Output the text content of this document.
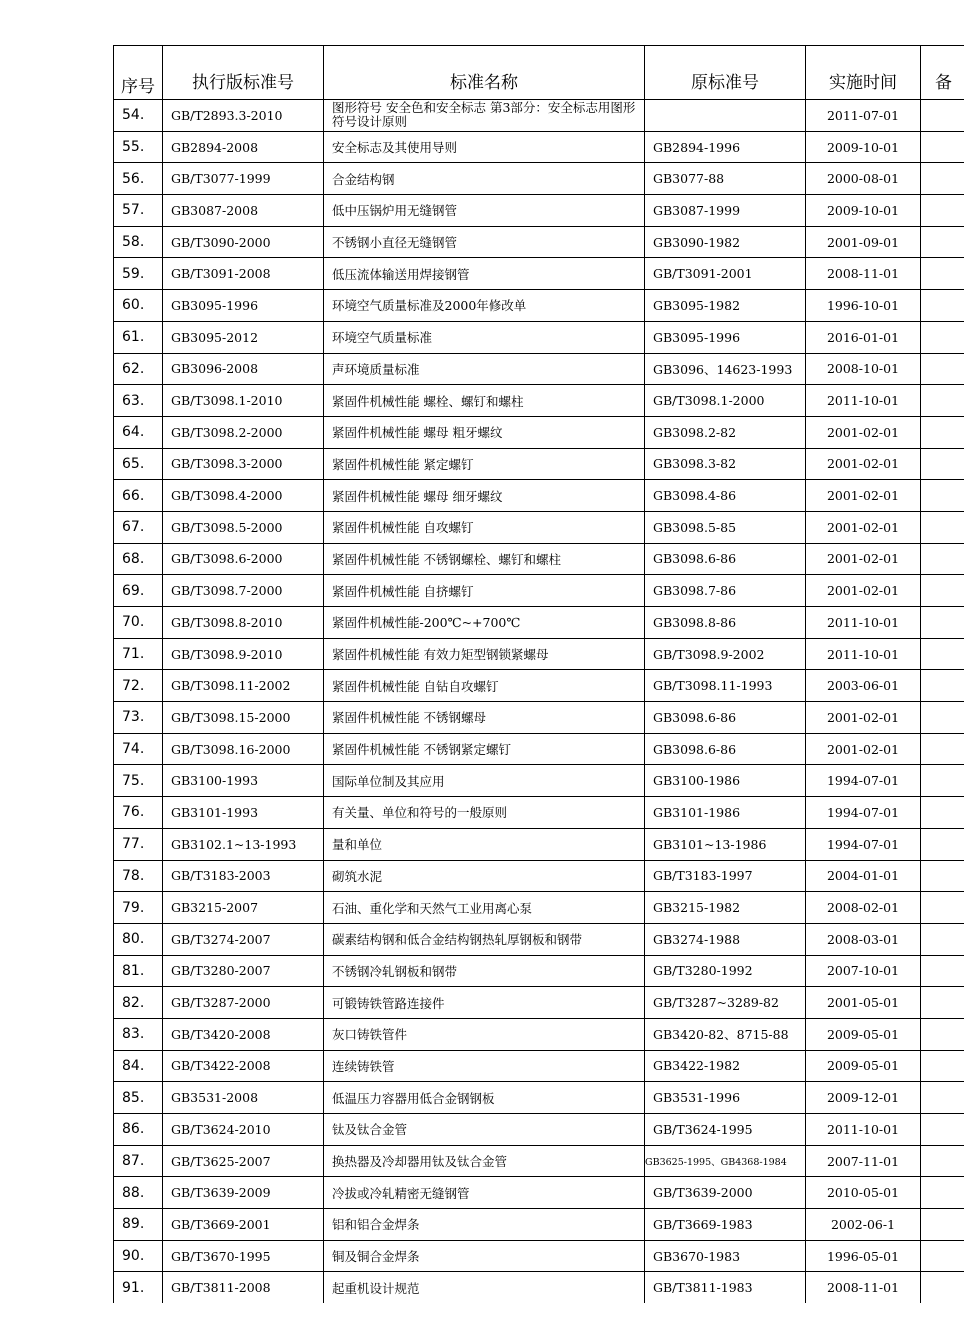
序号	执行版标准号	标准名称	原标准号	实施时间	备
54.	GB/T2893.3-2010	图形符号 安全色和安全标志 第3部分：安全标志用图形符号设计原则		2011-07-01	
55.	GB2894-2008	安全标志及其使用导则	GB2894-1996	2009-10-01	
56.	GB/T3077-1999	合金结构钢	GB3077-88	2000-08-01	
57.	GB3087-2008	低中压锅炉用无缝钢管	GB3087-1999	2009-10-01	
58.	GB/T3090-2000	不锈钢小直径无缝钢管	GB3090-1982	2001-09-01	
59.	GB/T3091-2008	低压流体输送用焊接钢管	GB/T3091-2001	2008-11-01	
60.	GB3095-1996	环境空气质量标准及2000年修改单	GB3095-1982	1996-10-01	
61.	GB3095-2012	环境空气质量标准	GB3095-1996	2016-01-01	
62.	GB3096-2008	声环境质量标准	GB3096、14623-1993	2008-10-01	
63.	GB/T3098.1-2010	紧固件机械性能 螺栓、螺钉和螺柱	GB/T3098.1-2000	2011-10-01	
64.	GB/T3098.2-2000	紧固件机械性能 螺母 粗牙螺纹	GB3098.2-82	2001-02-01	
65.	GB/T3098.3-2000	紧固件机械性能 紧定螺钉	GB3098.3-82	2001-02-01	
66.	GB/T3098.4-2000	紧固件机械性能 螺母 细牙螺纹	GB3098.4-86	2001-02-01	
67.	GB/T3098.5-2000	紧固件机械性能 自攻螺钉	GB3098.5-85	2001-02-01	
68.	GB/T3098.6-2000	紧固件机械性能 不锈钢螺栓、螺钉和螺柱	GB3098.6-86	2001-02-01	
69.	GB/T3098.7-2000	紧固件机械性能 自挤螺钉	GB3098.7-86	2001-02-01	
70.	GB/T3098.8-2010	紧固件机械性能-200℃~+700℃	GB3098.8-86	2011-10-01	
71.	GB/T3098.9-2010	紧固件机械性能 有效力矩型钢锁紧螺母	GB/T3098.9-2002	2011-10-01	
72.	GB/T3098.11-2002	紧固件机械性能 自钻自攻螺钉	GB/T3098.11-1993	2003-06-01	
73.	GB/T3098.15-2000	紧固件机械性能 不锈钢螺母	GB3098.6-86	2001-02-01	
74.	GB/T3098.16-2000	紧固件机械性能 不锈钢紧定螺钉	GB3098.6-86	2001-02-01	
75.	GB3100-1993	国际单位制及其应用	GB3100-1986	1994-07-01	
76.	GB3101-1993	有关量、单位和符号的一般原则	GB3101-1986	1994-07-01	
77.	GB3102.1~13-1993	量和单位	GB3101~13-1986	1994-07-01	
78.	GB/T3183-2003	砌筑水泥	GB/T3183-1997	2004-01-01	
79.	GB3215-2007	石油、重化学和天然气工业用离心泵	GB3215-1982	2008-02-01	
80.	GB/T3274-2007	碳素结构钢和低合金结构钢热轧厚钢板和钢带	GB3274-1988	2008-03-01	
81.	GB/T3280-2007	不锈钢冷轧钢板和钢带	GB/T3280-1992	2007-10-01	
82.	GB/T3287-2000	可锻铸铁管路连接件	GB/T3287~3289-82	2001-05-01	
83.	GB/T3420-2008	灰口铸铁管件	GB3420-82、8715-88	2009-05-01	
84.	GB/T3422-2008	连续铸铁管	GB3422-1982	2009-05-01	
85.	GB3531-2008	低温压力容器用低合金钢钢板	GB3531-1996	2009-12-01	
86.	GB/T3624-2010	钛及钛合金管	GB/T3624-1995	2011-10-01	
87.	GB/T3625-2007	换热器及冷却器用钛及钛合金管	GB3625-1995、GB4368-1984	2007-11-01	
88.	GB/T3639-2009	冷拔或冷轧精密无缝钢管	GB/T3639-2000	2010-05-01	
89.	GB/T3669-2001	铝和铝合金焊条	GB/T3669-1983	2002-06-1	
90.	GB/T3670-1995	铜及铜合金焊条	GB3670-1983	1996-05-01	
91.	GB/T3811-2008	起重机设计规范	GB/T3811-1983	2008-11-01	
